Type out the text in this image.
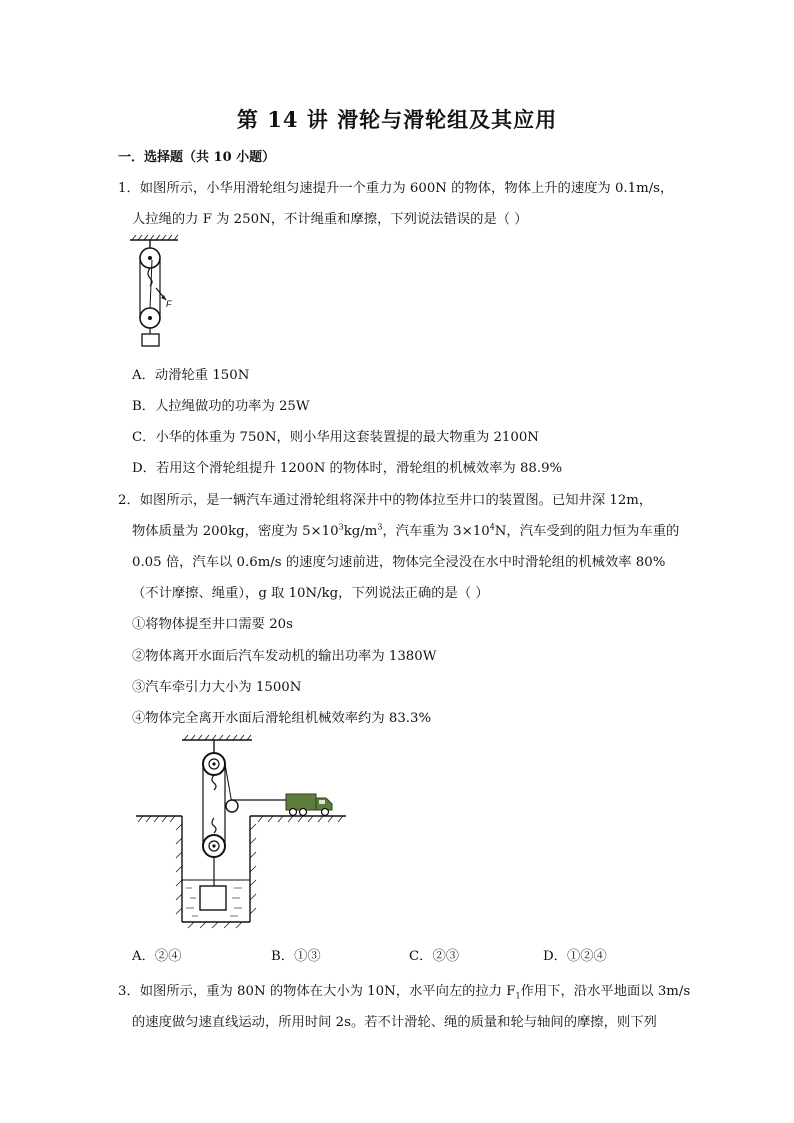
第 14 讲 滑轮与滑轮组及其应用
一．选择题（共 10 小题）
1．如图所示，小华用滑轮组匀速提升一个重力为 600N 的物体，物体上升的速度为 0.1m/s，
人拉绳的力 F 为 250N，不计绳重和摩擦，下列说法错误的是（ ）
F
A．动滑轮重 150N
B．人拉绳做功的功率为 25W
C．小华的体重为 750N，则小华用这套装置提的最大物重为 2100N
D．若用这个滑轮组提升 1200N 的物体时，滑轮组的机械效率为 88.9%
2．如图所示，是一辆汽车通过滑轮组将深井中的物体拉至井口的装置图。已知井深 12m，
物体质量为 200kg，密度为 $5\times 10^3kg/m^3$，汽车重为 $3\times 10^4N$，汽车受到的阻力恒为车重的
0.05 倍，汽车以 0.6m/s 的速度匀速前进，物体完全浸没在水中时滑轮组的机械效率 80%
（不计摩擦、绳重），g 取 10N/kg，下列说法正确的是（ ）
①将物体提至井口需要 20s
②物体离开水面后汽车发动机的输出功率为 1380W
③汽车牵引力大小为 1500N
④物体完全离开水面后滑轮组机械效率约为 83.3%
A．②④	B．①③	C．②③	D．①②④
3．如图所示，重为 80N 的物体在大小为 10N，水平向左的拉力 $F_1$作用下，沿水平地面以 3m/s
的速度做匀速直线运动，所用时间 2s。若不计滑轮、绳的质量和轮与轴间的摩擦，则下列
